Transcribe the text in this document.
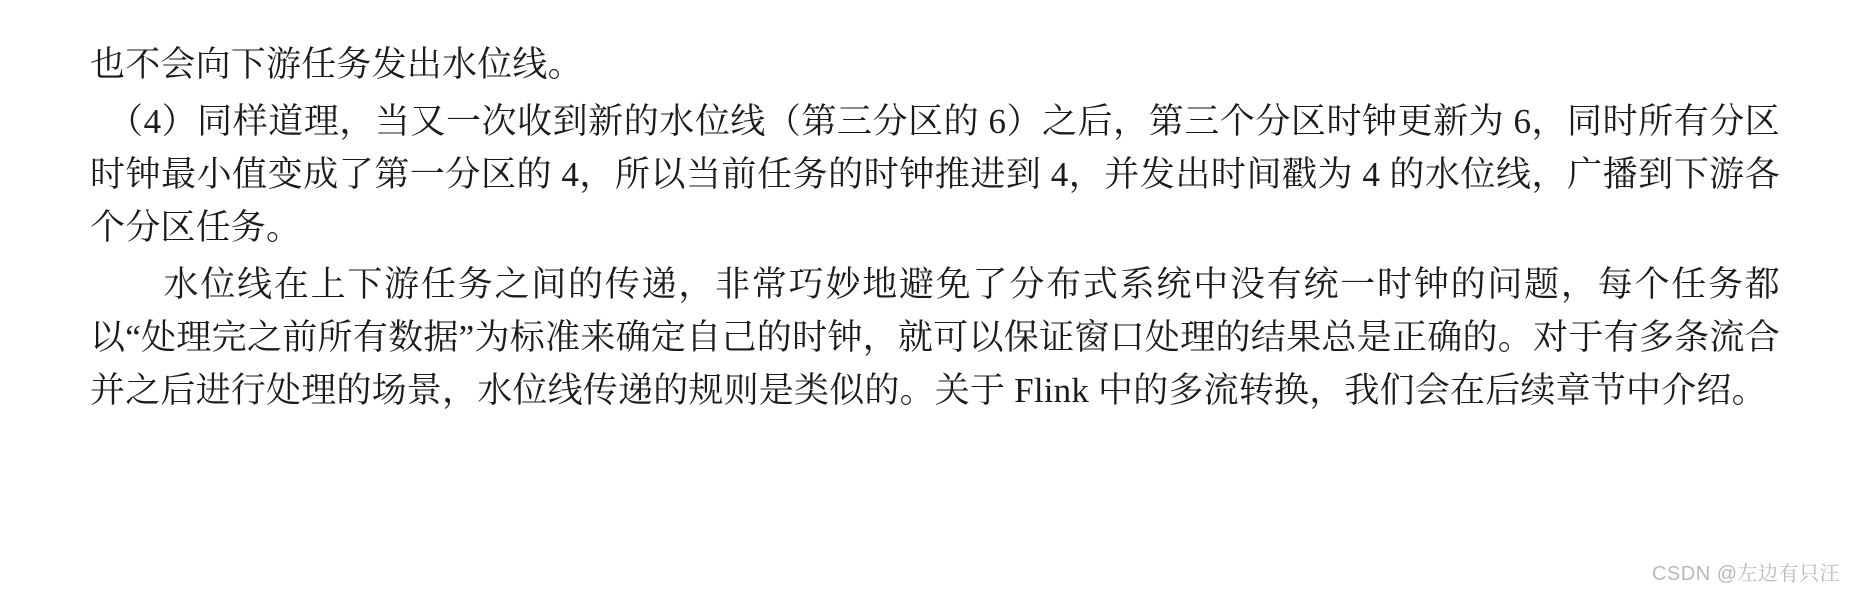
也不会向下游任务发出水位线。

　（4）同样道理，当又一次收到新的水位线（第三分区的 6）之后，第三个分区时钟更新为 6，同时所有分区时钟最小值变成了第一分区的 4，所以当前任务的时钟推进到 4，并发出时间戳为 4 的水位线，广播到下游各个分区任务。

　　水位线在上下游任务之间的传递，非常巧妙地避免了分布式系统中没有统一时钟的问题，每个任务都以“处理完之前所有数据”为标准来确定自己的时钟，就可以保证窗口处理的结果总是正确的。对于有多条流合并之后进行处理的场景，水位线传递的规则是类似的。关于 Flink 中的多流转换，我们会在后续章节中介绍。

CSDN @左边有只汪
